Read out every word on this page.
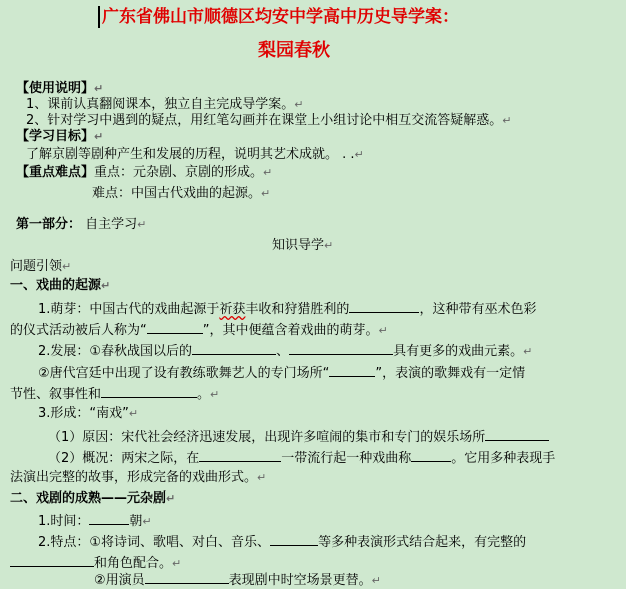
广东省佛山市顺德区均安中学高中历史导学案：
梨园春秋
【使用说明】↵
1、课前认真翻阅课本，独立自主完成导学案。↵
2、针对学习中遇到的疑点，用红笔勾画并在课堂上小组讨论中相互交流答疑解惑。↵
【学习目标】↵
了解京剧等剧种产生和发展的历程，说明其艺术成就。 . .↵
【重点难点】重点：元杂剧、京剧的形成。↵
难点：中国古代戏曲的起源。↵
第一部分： 自主学习↵
知识导学↵
问题引领↵
一、戏曲的起源↵
1.萌芽：中国古代的戏曲起源于祈获丰收和狩猎胜利的	，这种带有巫术色彩
的仪式活动被后人称为“	”，其中便蕴含着戏曲的萌芽。↵
2.发展：①春秋战国以后的	、	具有更多的戏曲元素。↵
②唐代宫廷中出现了设有教练歌舞艺人的专门场所“	”，表演的歌舞戏有一定情
节性、叙事性和	。↵
3.形成：“南戏”↵
（1）原因：宋代社会经济迅速发展，出现许多喧闹的集市和专门的娱乐场所
（2）概况：两宋之际，在	一带流行起一种戏曲称	。它用多种表现手
法演出完整的故事，形成完备的戏曲形式。↵
二、戏剧的成熟——元杂剧↵
1.时间：	朝↵
2.特点：①将诗词、歌唱、对白、音乐、	等多种表演形式结合起来，有完整的
和角色配合。↵
②用演员	表现剧中时空场景更替。↵
